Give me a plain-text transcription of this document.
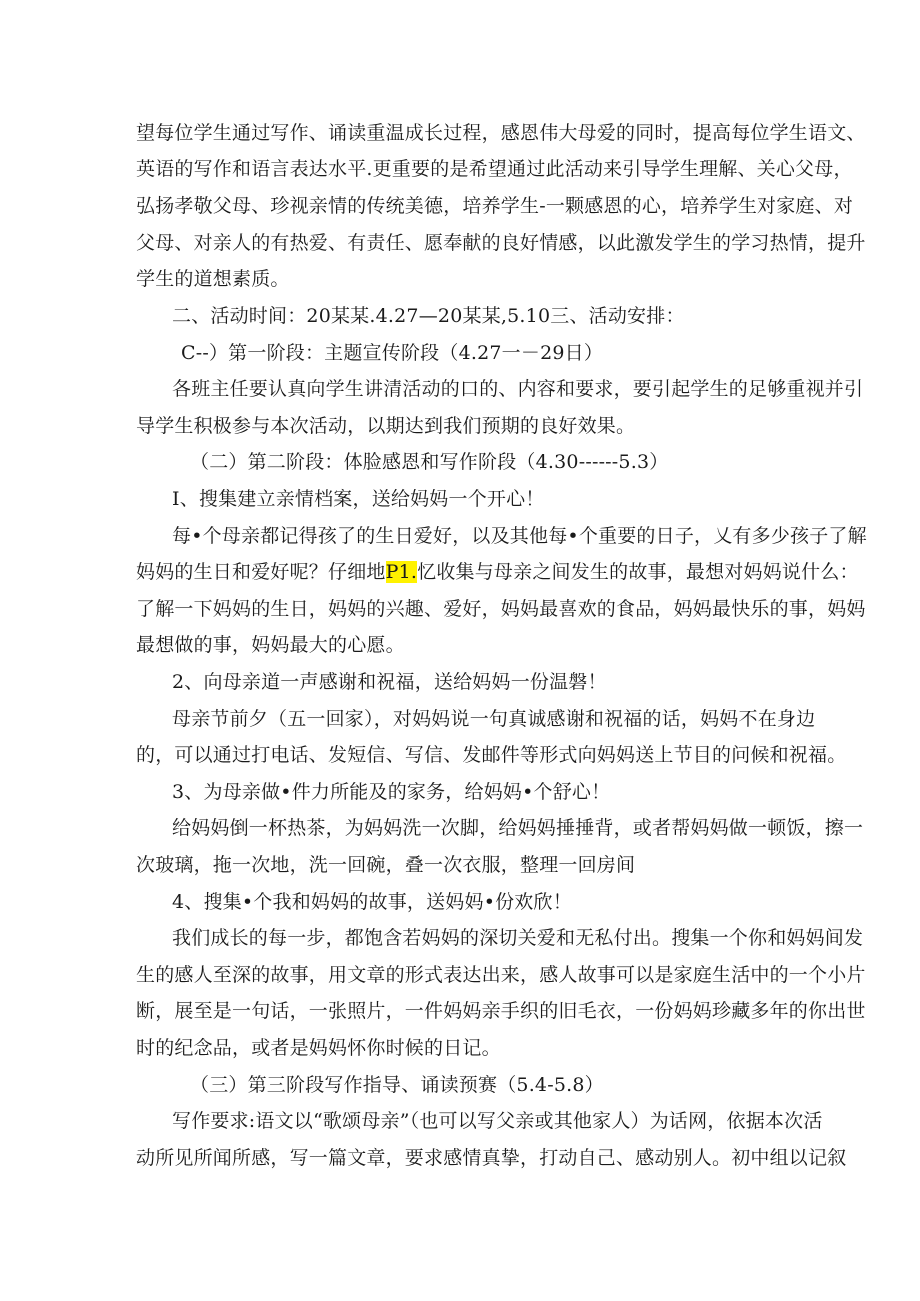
望每位学生通过写作、诵读重温成长过程，感恩伟大母爱的同时，提高每位学生语文、
英语的写作和语言表达水平.更重要的是希望通过此活动来引导学生理解、关心父母，
弘扬孝敬父母、珍视亲情的传统美德，培养学生-一颗感恩的心，培养学生对家庭、对
父母、对亲人的有热爱、有责任、愿奉献的良好情感，以此激发学生的学习热情，提升
学生的道想素质。
二、活动时间：20某某.4.27—20某某,5.10三、活动安排：
C--）第一阶段：主题宣传阶段（4.27一－29日）
各班主任要认真向学生讲清活动的口的、内容和要求，要引起学生的足够重视并引
导学生积极参与本次活动，以期达到我们预期的良好效果。
（二）第二阶段：体脸感恩和写作阶段（4.30------5.3）
I、搜集建立亲情档案，送给妈妈一个开心！
每•个母亲都记得孩了的生日爱好，以及其他每•个重要的日子，乂有多少孩子了解
妈妈的生日和爱好呢？仔细地P1.忆收集与母亲之间发生的故事，最想对妈妈说什么：
了解一下妈妈的生日，妈妈的兴趣、爱好，妈妈最喜欢的食品，妈妈最快乐的事，妈妈
最想做的事，妈妈最大的心愿。
2、向母亲道一声感谢和祝福，送给妈妈一份温磐！
母亲节前夕（五一回家），对妈妈说一句真诚感谢和祝福的话，妈妈不在身边
的，可以通过打电话、发短信、写信、发邮件等形式向妈妈送上节目的问候和祝福。
3、为母亲做•件力所能及的家务，给妈妈•个舒心！
给妈妈倒一杯热茶，为妈妈洗一次脚，给妈妈捶捶背，或者帮妈妈做一顿饭，擦一
次玻璃，拖一次地，洗一回碗，叠一次衣服，整理一回房间
4、搜集•个我和妈妈的故事，送妈妈•份欢欣！
我们成长的每一步，都饱含若妈妈的深切关爱和无私付出。搜集一个你和妈妈间发
生的感人至深的故事，用文章的形式表达出来，感人故事可以是家庭生活中的一个小片
断，展至是一句话，一张照片，一件妈妈亲手织的旧毛衣，一份妈妈珍藏多年的你出世
时的纪念品，或者是妈妈怀你时候的日记。
（三）第三阶段写作指导、诵读预赛（5.4-5.8）
写作要求:语文以“歌颂母亲”（也可以写父亲或其他家人）为话网，依据本次活
动所见所闻所感，写一篇文章，要求感情真挚，打动自己、感动别人。初中组以记叙
